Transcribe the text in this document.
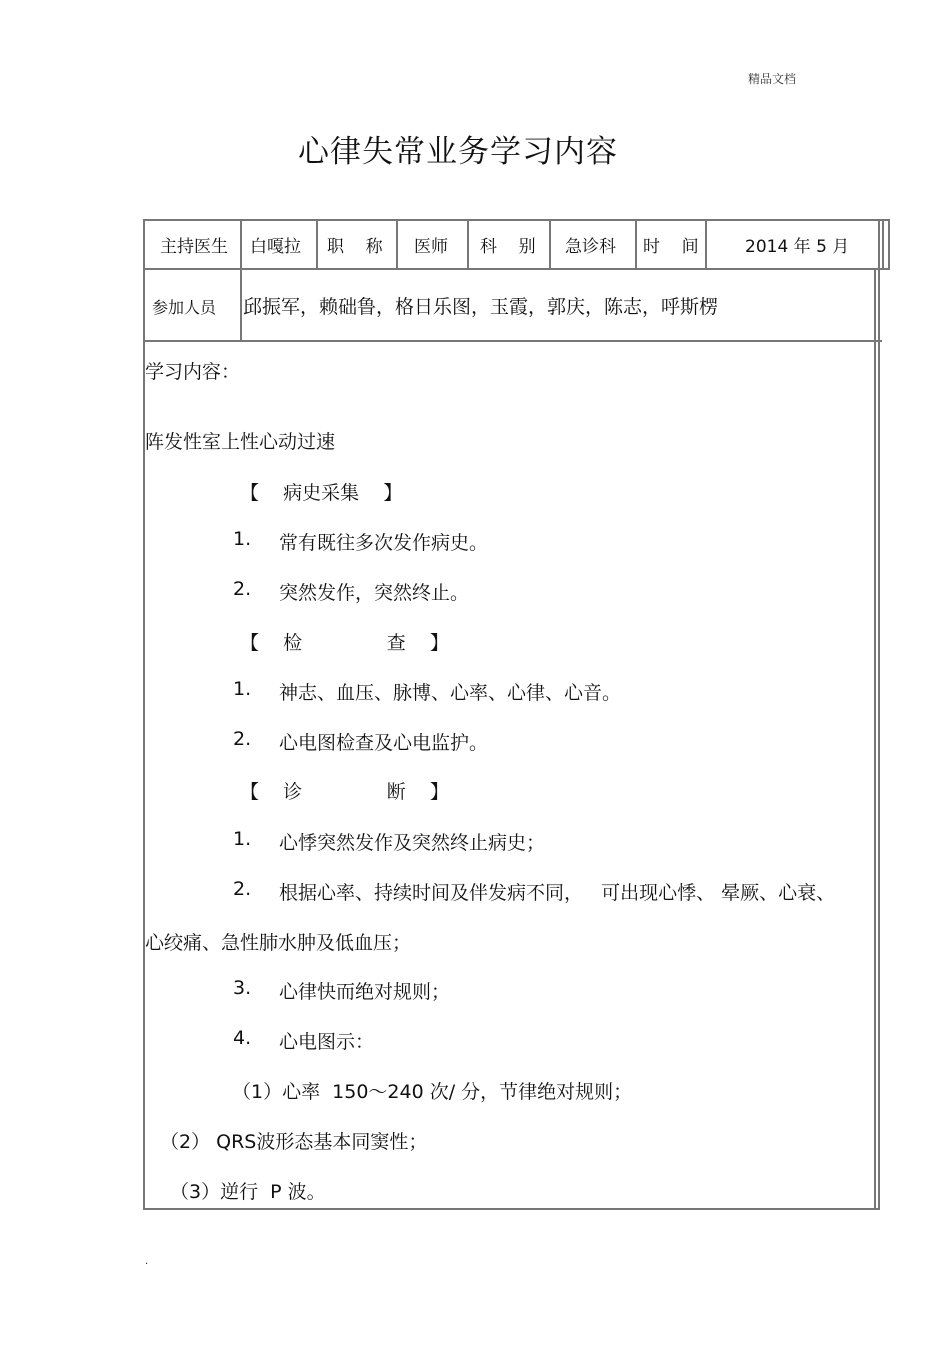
精品文档
心律失常业务学习内容
主持医生 白嘎拉 职    称 医师 科    别 急诊科 时    间	2014 年 5 月
参加人员 邱振军，赖础鲁，格日乐图，玉霞，郭庆，陈志，呼斯楞
学习内容：
阵发性室上性心动过速
【    病史采集    】
1. 常有既往多次发作病史。
2. 突然发作，突然终止。
【    检              查    】
1. 神志、血压、脉博、心率、心律、心音。
2. 心电图检查及心电监护。
【    诊              断    】
1. 心悸突然发作及突然终止病史；
2. 根据心率、持续时间及伴发病不同，   可出现心悸、 晕厥、心衰、
心绞痛、急性肺水肿及低血压；
3. 心律快而绝对规则；
4. 心电图示：
（1）心率  150～240 次/ 分，节律绝对规则；
（2） QRS波形态基本同窦性；
（3）逆行  P 波。
.
